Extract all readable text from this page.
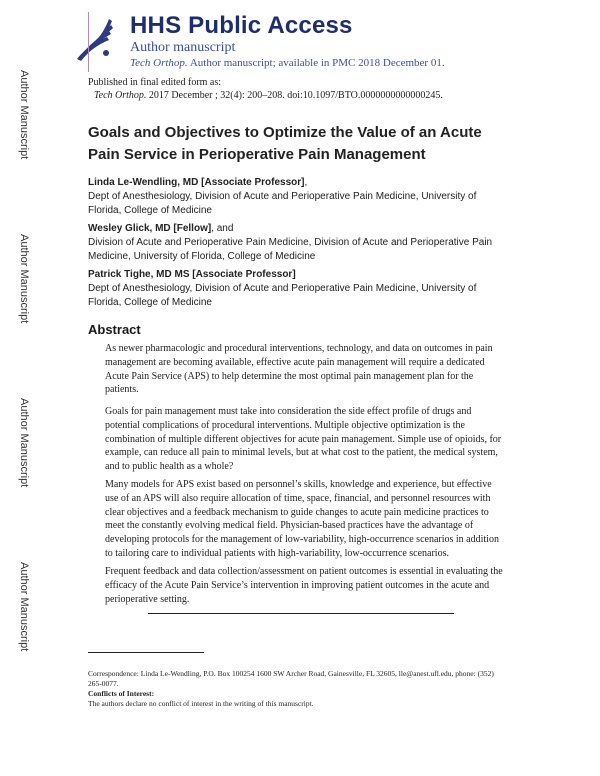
Author Manuscript
Author Manuscript
Author Manuscript
Author Manuscript
HHS Public Access
Author manuscript
Tech Orthop. Author manuscript; available in PMC 2018 December 01.
Published in final edited form as:
Tech Orthop. 2017 December ; 32(4): 200–208. doi:10.1097/BTO.0000000000000245.
Goals and Objectives to Optimize the Value of an Acute Pain Service in Perioperative Pain Management
Linda Le-Wendling, MD [Associate Professor],
Dept of Anesthesiology, Division of Acute and Perioperative Pain Medicine, University of Florida, College of Medicine
Wesley Glick, MD [Fellow], and
Division of Acute and Perioperative Pain Medicine, Division of Acute and Perioperative Pain Medicine, University of Florida, College of Medicine
Patrick Tighe, MD MS [Associate Professor]
Dept of Anesthesiology, Division of Acute and Perioperative Pain Medicine, University of Florida, College of Medicine
Abstract
As newer pharmacologic and procedural interventions, technology, and data on outcomes in pain management are becoming available, effective acute pain management will require a dedicated Acute Pain Service (APS) to help determine the most optimal pain management plan for the patients.
Goals for pain management must take into consideration the side effect profile of drugs and potential complications of procedural interventions. Multiple objective optimization is the combination of multiple different objectives for acute pain management. Simple use of opioids, for example, can reduce all pain to minimal levels, but at what cost to the patient, the medical system, and to public health as a whole?
Many models for APS exist based on personnel’s skills, knowledge and experience, but effective use of an APS will also require allocation of time, space, financial, and personnel resources with clear objectives and a feedback mechanism to guide changes to acute pain medicine practices to meet the constantly evolving medical field. Physician-based practices have the advantage of developing protocols for the management of low-variability, high-occurrence scenarios in addition to tailoring care to individual patients with high-variability, low-occurrence scenarios.
Frequent feedback and data collection/assessment on patient outcomes is essential in evaluating the efficacy of the Acute Pain Service’s intervention in improving patient outcomes in the acute and perioperative setting.
Correspondence: Linda Le-Wendling, P.O. Box 100254 1600 SW Archer Road, Gainesville, FL 32605, lle@anest.ufl.edu, phone: (352) 265-0077.
Conflicts of Interest:
The authors declare no conflict of interest in the writing of this manuscript.
